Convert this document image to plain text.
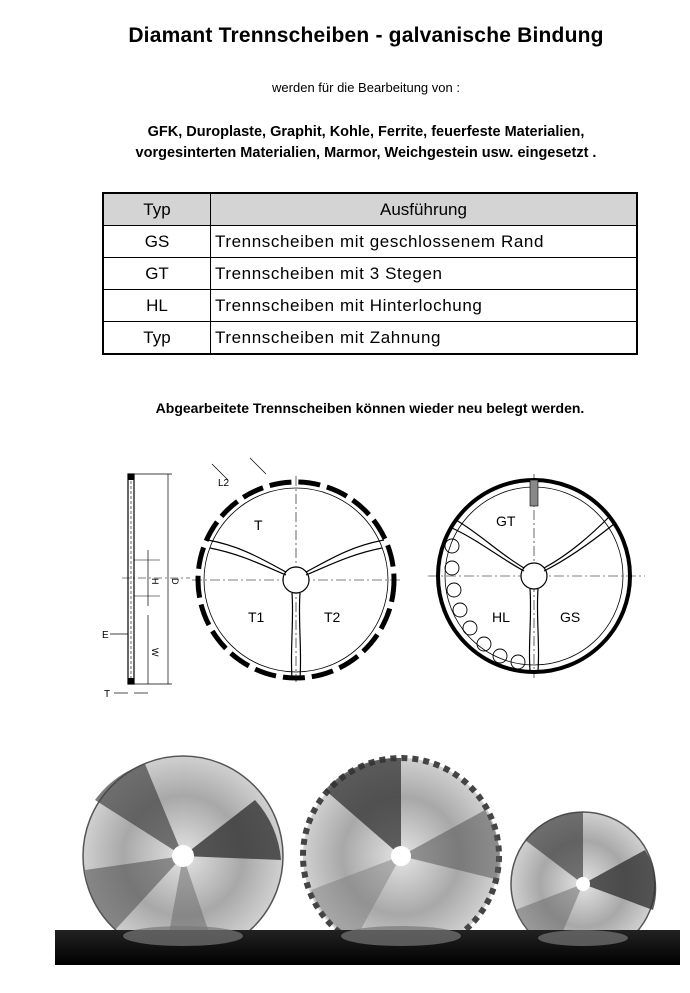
Diamant Trennscheiben - galvanische Bindung
werden für die Bearbeitung von :
GFK, Duroplaste, Graphit, Kohle, Ferrite, feuerfeste Materialien,
vorgesinterten Materialien, Marmor, Weichgestein usw. eingesetzt .
Typ	Ausführung
GS	Trennscheiben mit geschlossenem Rand
GT	Trennscheiben mit 3 Stegen
HL	Trennscheiben mit Hinterlochung
Typ	Trennscheiben mit Zahnung
Abgearbeitete Trennscheiben können wieder neu belegt werden.
H D
W
E
T
T
T1	T2
L2
GT
HL	GS
